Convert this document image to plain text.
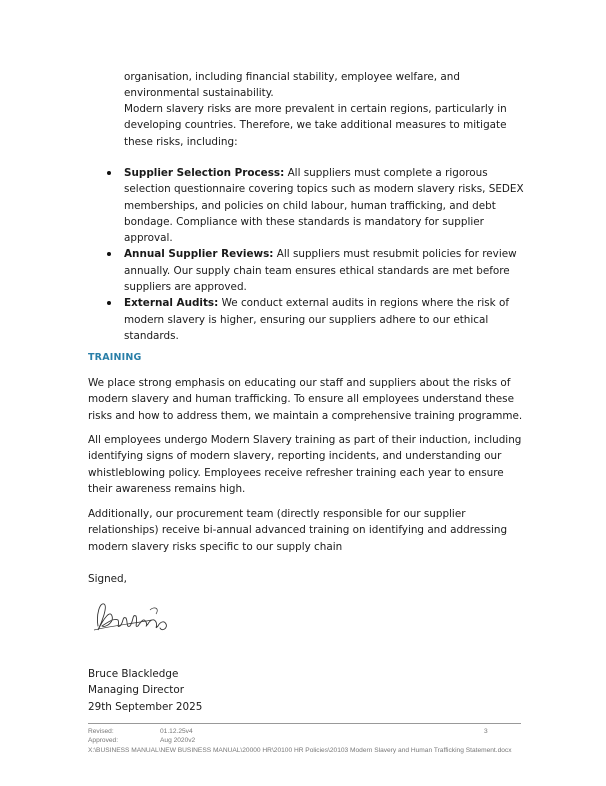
organisation, including financial stability, employee welfare, and environmental sustainability.
Modern slavery risks are more prevalent in certain regions, particularly in developing countries. Therefore, we take additional measures to mitigate these risks, including:
Supplier Selection Process: All suppliers must complete a rigorous selection questionnaire covering topics such as modern slavery risks, SEDEX memberships, and policies on child labour, human trafficking, and debt bondage. Compliance with these standards is mandatory for supplier approval.
Annual Supplier Reviews: All suppliers must resubmit policies for review annually. Our supply chain team ensures ethical standards are met before suppliers are approved.
External Audits: We conduct external audits in regions where the risk of modern slavery is higher, ensuring our suppliers adhere to our ethical standards.
TRAINING

We place strong emphasis on educating our staff and suppliers about the risks of modern slavery and human trafficking. To ensure all employees understand these risks and how to address them, we maintain a comprehensive training programme.

All employees undergo Modern Slavery training as part of their induction, including identifying signs of modern slavery, reporting incidents, and understanding our whistleblowing policy. Employees receive refresher training each year to ensure their awareness remains high.

Additionally, our procurement team (directly responsible for our supplier relationships) receive bi-annual advanced training on identifying and addressing modern slavery risks specific to our supply chain

Signed,
Bruce Blackledge
Managing Director
29th September 2025
Revised:	01.12.25v4	3
Approved:	Aug 2020v2
X:\BUSINESS MANUAL\NEW BUSINESS MANUAL\20000 HR\20100 HR Policies\20103 Modern Slavery and Human Trafficking Statement.docx
